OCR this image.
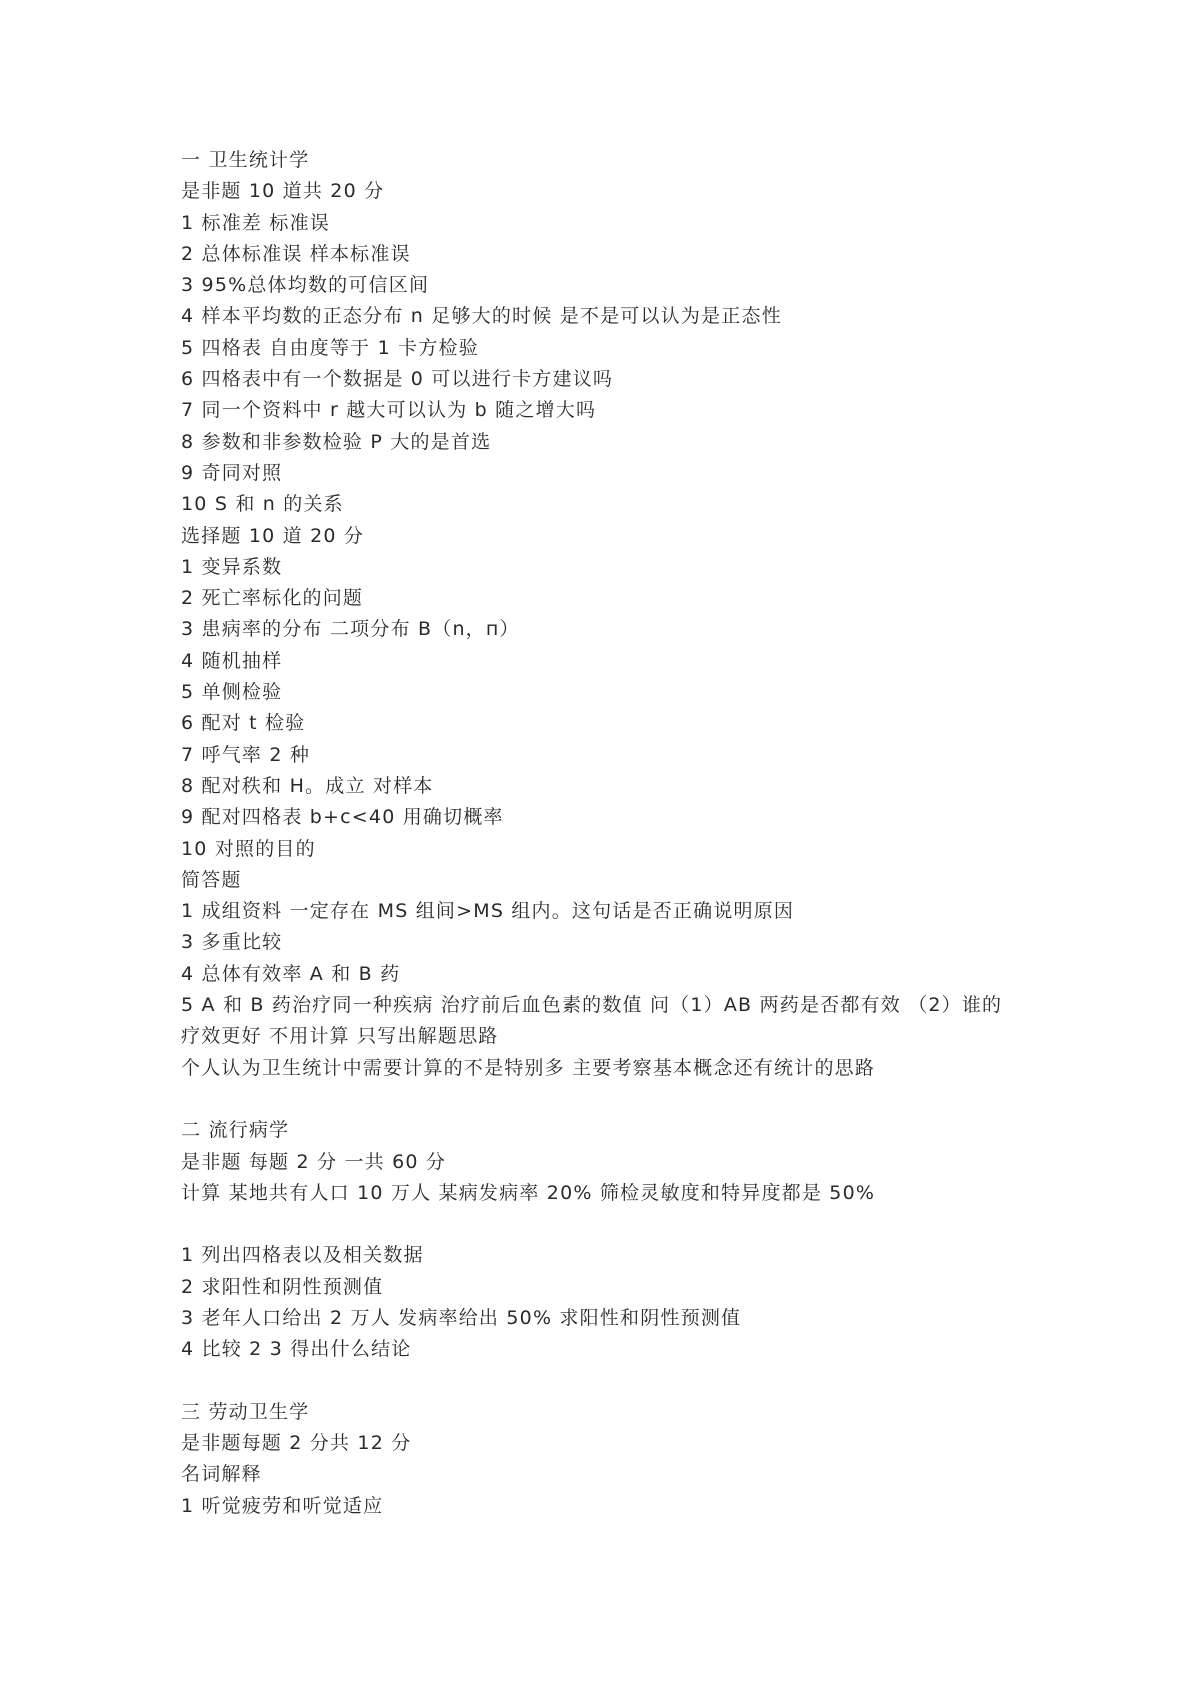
一 卫生统计学
是非题 10 道共 20 分
1 标准差 标准误
2 总体标准误 样本标准误
3 95%总体均数的可信区间
4 样本平均数的正态分布 n 足够大的时候 是不是可以认为是正态性
5 四格表 自由度等于 1 卡方检验
6 四格表中有一个数据是 0 可以进行卡方建议吗
7 同一个资料中 r 越大可以认为 b 随之增大吗
8 参数和非参数检验 P 大的是首选
9 奇同对照
10 S 和 n 的关系
选择题 10 道 20 分
1 变异系数
2 死亡率标化的问题
3 患病率的分布 二项分布 B（n，п）
4 随机抽样
5 单侧检验
6 配对 t 检验
7 呼气率 2 种
8 配对秩和 H。成立 对样本
9 配对四格表 b+c<40 用确切概率
10 对照的目的
简答题
1 成组资料 一定存在 MS 组间>MS 组内。这句话是否正确说明原因
3 多重比较
4 总体有效率 A 和 B 药
5 A 和 B 药治疗同一种疾病 治疗前后血色素的数值 问（1）AB 两药是否都有效 （2）谁的
疗效更好 不用计算 只写出解题思路
个人认为卫生统计中需要计算的不是特别多 主要考察基本概念还有统计的思路
二 流行病学
是非题 每题 2 分 一共 60 分
计算 某地共有人口 10 万人 某病发病率 20% 筛检灵敏度和特异度都是 50%
1 列出四格表以及相关数据
2 求阳性和阴性预测值
3 老年人口给出 2 万人 发病率给出 50% 求阳性和阴性预测值
4 比较 2 3 得出什么结论
三 劳动卫生学
是非题每题 2 分共 12 分
名词解释
1 听觉疲劳和听觉适应
